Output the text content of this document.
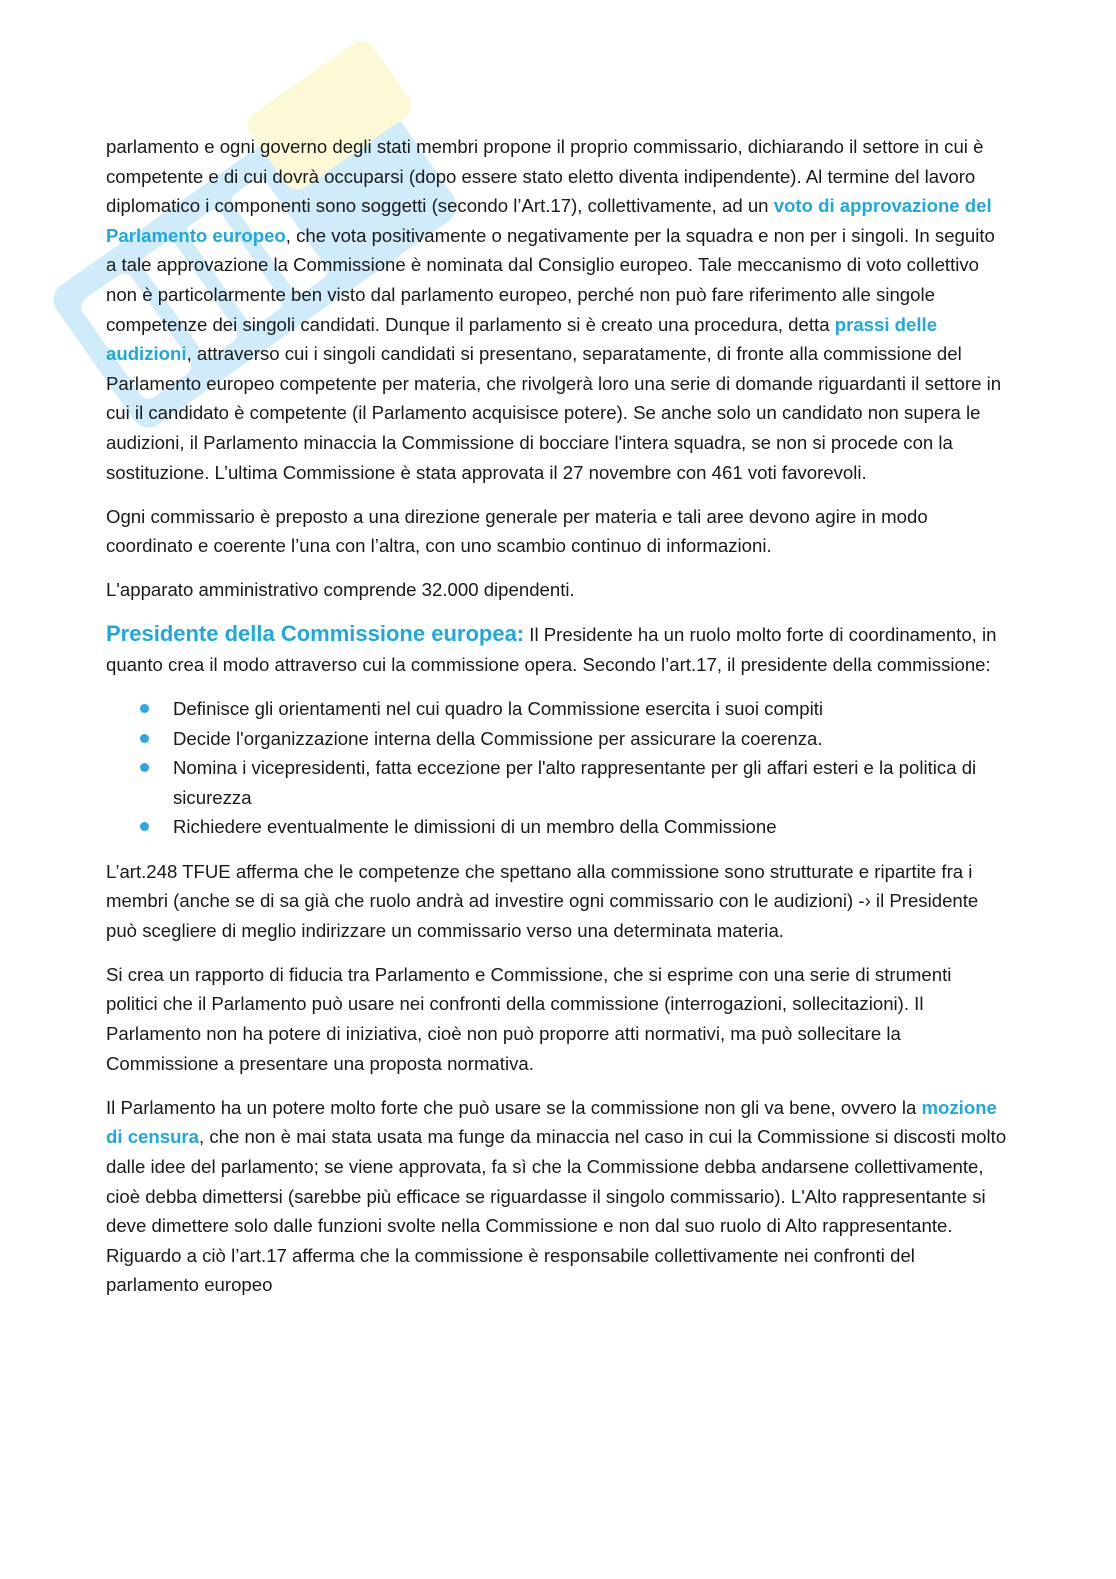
parlamento e ogni governo degli stati membri propone il proprio commissario, dichiarando il settore in cui è competente e di cui dovrà occuparsi (dopo essere stato eletto diventa indipendente). Al termine del lavoro diplomatico i componenti sono soggetti (secondo l’Art.17), collettivamente, ad un voto di approvazione del Parlamento europeo, che vota positivamente o negativamente per la squadra e non per i singoli. In seguito a tale approvazione la Commissione è nominata dal Consiglio europeo. Tale meccanismo di voto collettivo non è particolarmente ben visto dal parlamento europeo, perché non può fare riferimento alle singole competenze dei singoli candidati. Dunque il parlamento si è creato una procedura, detta prassi delle audizioni, attraverso cui i singoli candidati si presentano, separatamente, di fronte alla commissione del Parlamento europeo competente per materia, che rivolgerà loro una serie di domande riguardanti il settore in cui il candidato è competente (il Parlamento acquisisce potere). Se anche solo un candidato non supera le audizioni, il Parlamento minaccia la Commissione di bocciare l'intera squadra, se non si procede con la sostituzione. L’ultima Commissione è stata approvata il 27 novembre con 461 voti favorevoli.

Ogni commissario è preposto a una direzione generale per materia e tali aree devono agire in modo coordinato e coerente l’una con l’altra, con uno scambio continuo di informazioni.

L'apparato amministrativo comprende 32.000 dipendenti.

Presidente della Commissione europea: Il Presidente ha un ruolo molto forte di coordinamento, in quanto crea il modo attraverso cui la commissione opera. Secondo l’art.17, il presidente della commissione:

Definisce gli orientamenti nel cui quadro la Commissione esercita i suoi compiti
Decide l'organizzazione interna della Commissione per assicurare la coerenza.
Nomina i vicepresidenti, fatta eccezione per l'alto rappresentante per gli affari esteri e la politica di sicurezza
Richiedere eventualmente le dimissioni di un membro della Commissione

L’art.248 TFUE afferma che le competenze che spettano alla commissione sono strutturate e ripartite fra i membri (anche se di sa già che ruolo andrà ad investire ogni commissario con le audizioni) -› il Presidente può scegliere di meglio indirizzare un commissario verso una determinata materia.

Si crea un rapporto di fiducia tra Parlamento e Commissione, che si esprime con una serie di strumenti politici che il Parlamento può usare nei confronti della commissione (interrogazioni, sollecitazioni). Il Parlamento non ha potere di iniziativa, cioè non può proporre atti normativi, ma può sollecitare la Commissione a presentare una proposta normativa.

Il Parlamento ha un potere molto forte che può usare se la commissione non gli va bene, ovvero la mozione di censura, che non è mai stata usata ma funge da minaccia nel caso in cui la Commissione si discosti molto dalle idee del parlamento; se viene approvata, fa sì che la Commissione debba andarsene collettivamente, cioè debba dimettersi (sarebbe più efficace se riguardasse il singolo commissario). L'Alto rappresentante si deve dimettere solo dalle funzioni svolte nella Commissione e non dal suo ruolo di Alto rappresentante. Riguardo a ciò l’art.17 afferma che la commissione è responsabile collettivamente nei confronti del parlamento europeo
